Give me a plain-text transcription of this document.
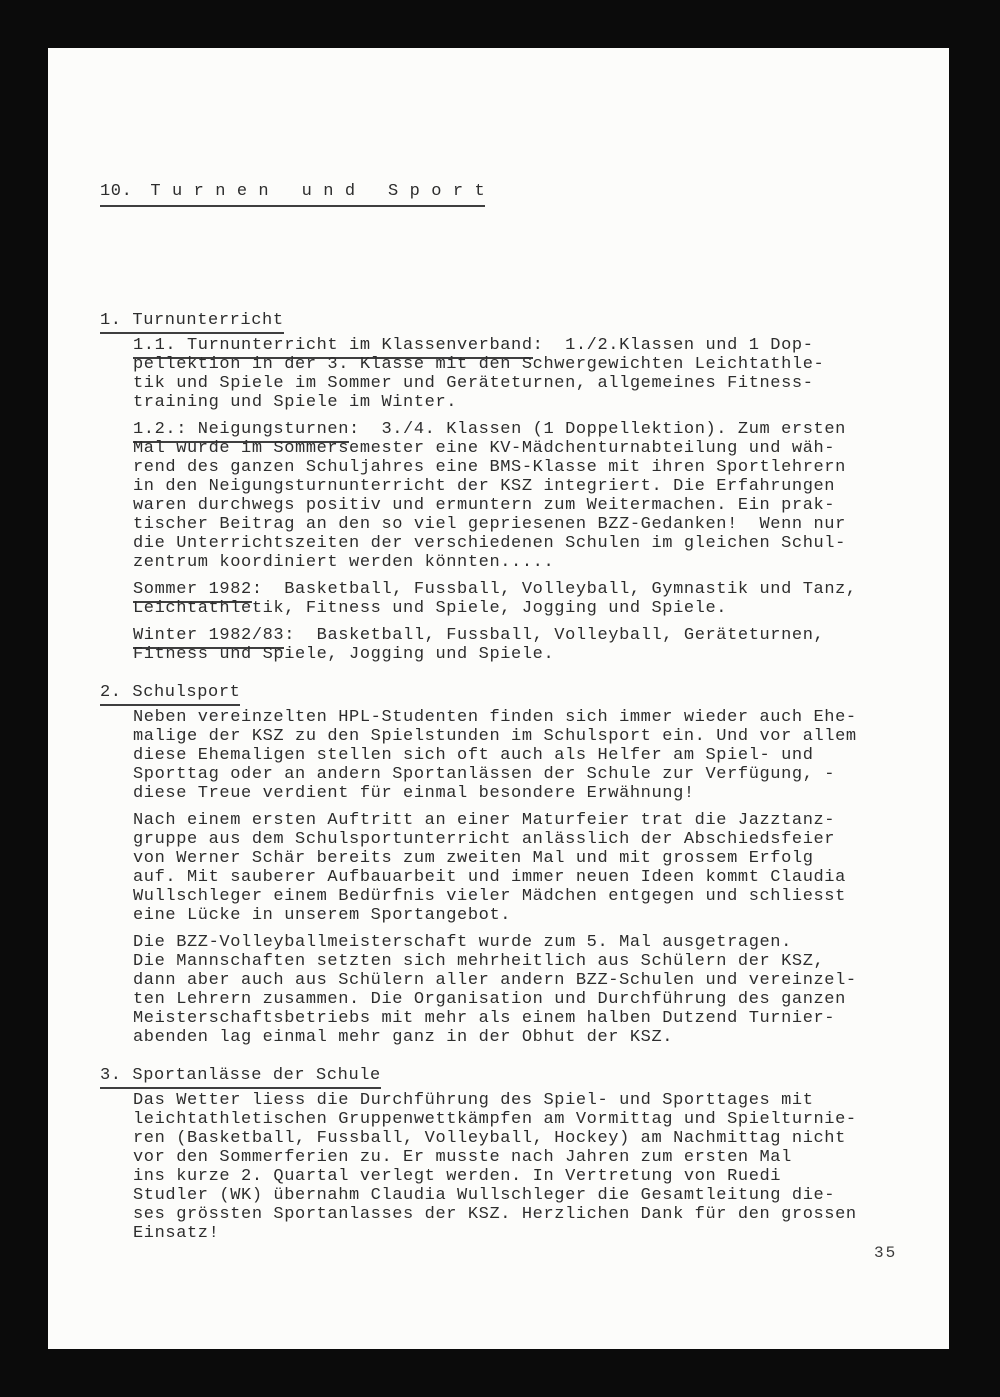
10. T u r n e n   u n d   S p o r t

1. Turnunterricht
1.1. Turnunterricht im Klassenverband:  1./2.Klassen und 1 Dop-
pellektion in der 3. Klasse mit den Schwergewichten Leichtathle-
tik und Spiele im Sommer und Geräteturnen, allgemeines Fitness-
training und Spiele im Winter.
1.2.: Neigungsturnen:  3./4. Klassen (1 Doppellektion). Zum ersten
Mal wurde im Sommersemester eine KV-Mädchenturnabteilung und wäh-
rend des ganzen Schuljahres eine BMS-Klasse mit ihren Sportlehrern
in den Neigungsturnunterricht der KSZ integriert. Die Erfahrungen
waren durchwegs positiv und ermuntern zum Weitermachen. Ein prak-
tischer Beitrag an den so viel gepriesenen BZZ-Gedanken!  Wenn nur
die Unterrichtszeiten der verschiedenen Schulen im gleichen Schul-
zentrum koordiniert werden könnten.....
Sommer 1982:  Basketball, Fussball, Volleyball, Gymnastik und Tanz,
Leichtathletik, Fitness und Spiele, Jogging und Spiele.
Winter 1982/83:  Basketball, Fussball, Volleyball, Geräteturnen,
Fitness und Spiele, Jogging und Spiele.
2. Schulsport
Neben vereinzelten HPL-Studenten finden sich immer wieder auch Ehe-
malige der KSZ zu den Spielstunden im Schulsport ein. Und vor allem
diese Ehemaligen stellen sich oft auch als Helfer am Spiel- und
Sporttag oder an andern Sportanlässen der Schule zur Verfügung, -
diese Treue verdient für einmal besondere Erwähnung!
Nach einem ersten Auftritt an einer Maturfeier trat die Jazztanz-
gruppe aus dem Schulsportunterricht anlässlich der Abschiedsfeier
von Werner Schär bereits zum zweiten Mal und mit grossem Erfolg
auf. Mit sauberer Aufbauarbeit und immer neuen Ideen kommt Claudia
Wullschleger einem Bedürfnis vieler Mädchen entgegen und schliesst
eine Lücke in unserem Sportangebot.
Die BZZ-Volleyballmeisterschaft wurde zum 5. Mal ausgetragen.
Die Mannschaften setzten sich mehrheitlich aus Schülern der KSZ,
dann aber auch aus Schülern aller andern BZZ-Schulen und vereinzel-
ten Lehrern zusammen. Die Organisation und Durchführung des ganzen
Meisterschaftsbetriebs mit mehr als einem halben Dutzend Turnier-
abenden lag einmal mehr ganz in der Obhut der KSZ.
3. Sportanlässe der Schule
Das Wetter liess die Durchführung des Spiel- und Sporttages mit
leichtathletischen Gruppenwettkämpfen am Vormittag und Spielturnie-
ren (Basketball, Fussball, Volleyball, Hockey) am Nachmittag nicht
vor den Sommerferien zu. Er musste nach Jahren zum ersten Mal
ins kurze 2. Quartal verlegt werden. In Vertretung von Ruedi
Studler (WK) übernahm Claudia Wullschleger die Gesamtleitung die-
ses grössten Sportanlasses der KSZ. Herzlichen Dank für den grossen
Einsatz!

35
